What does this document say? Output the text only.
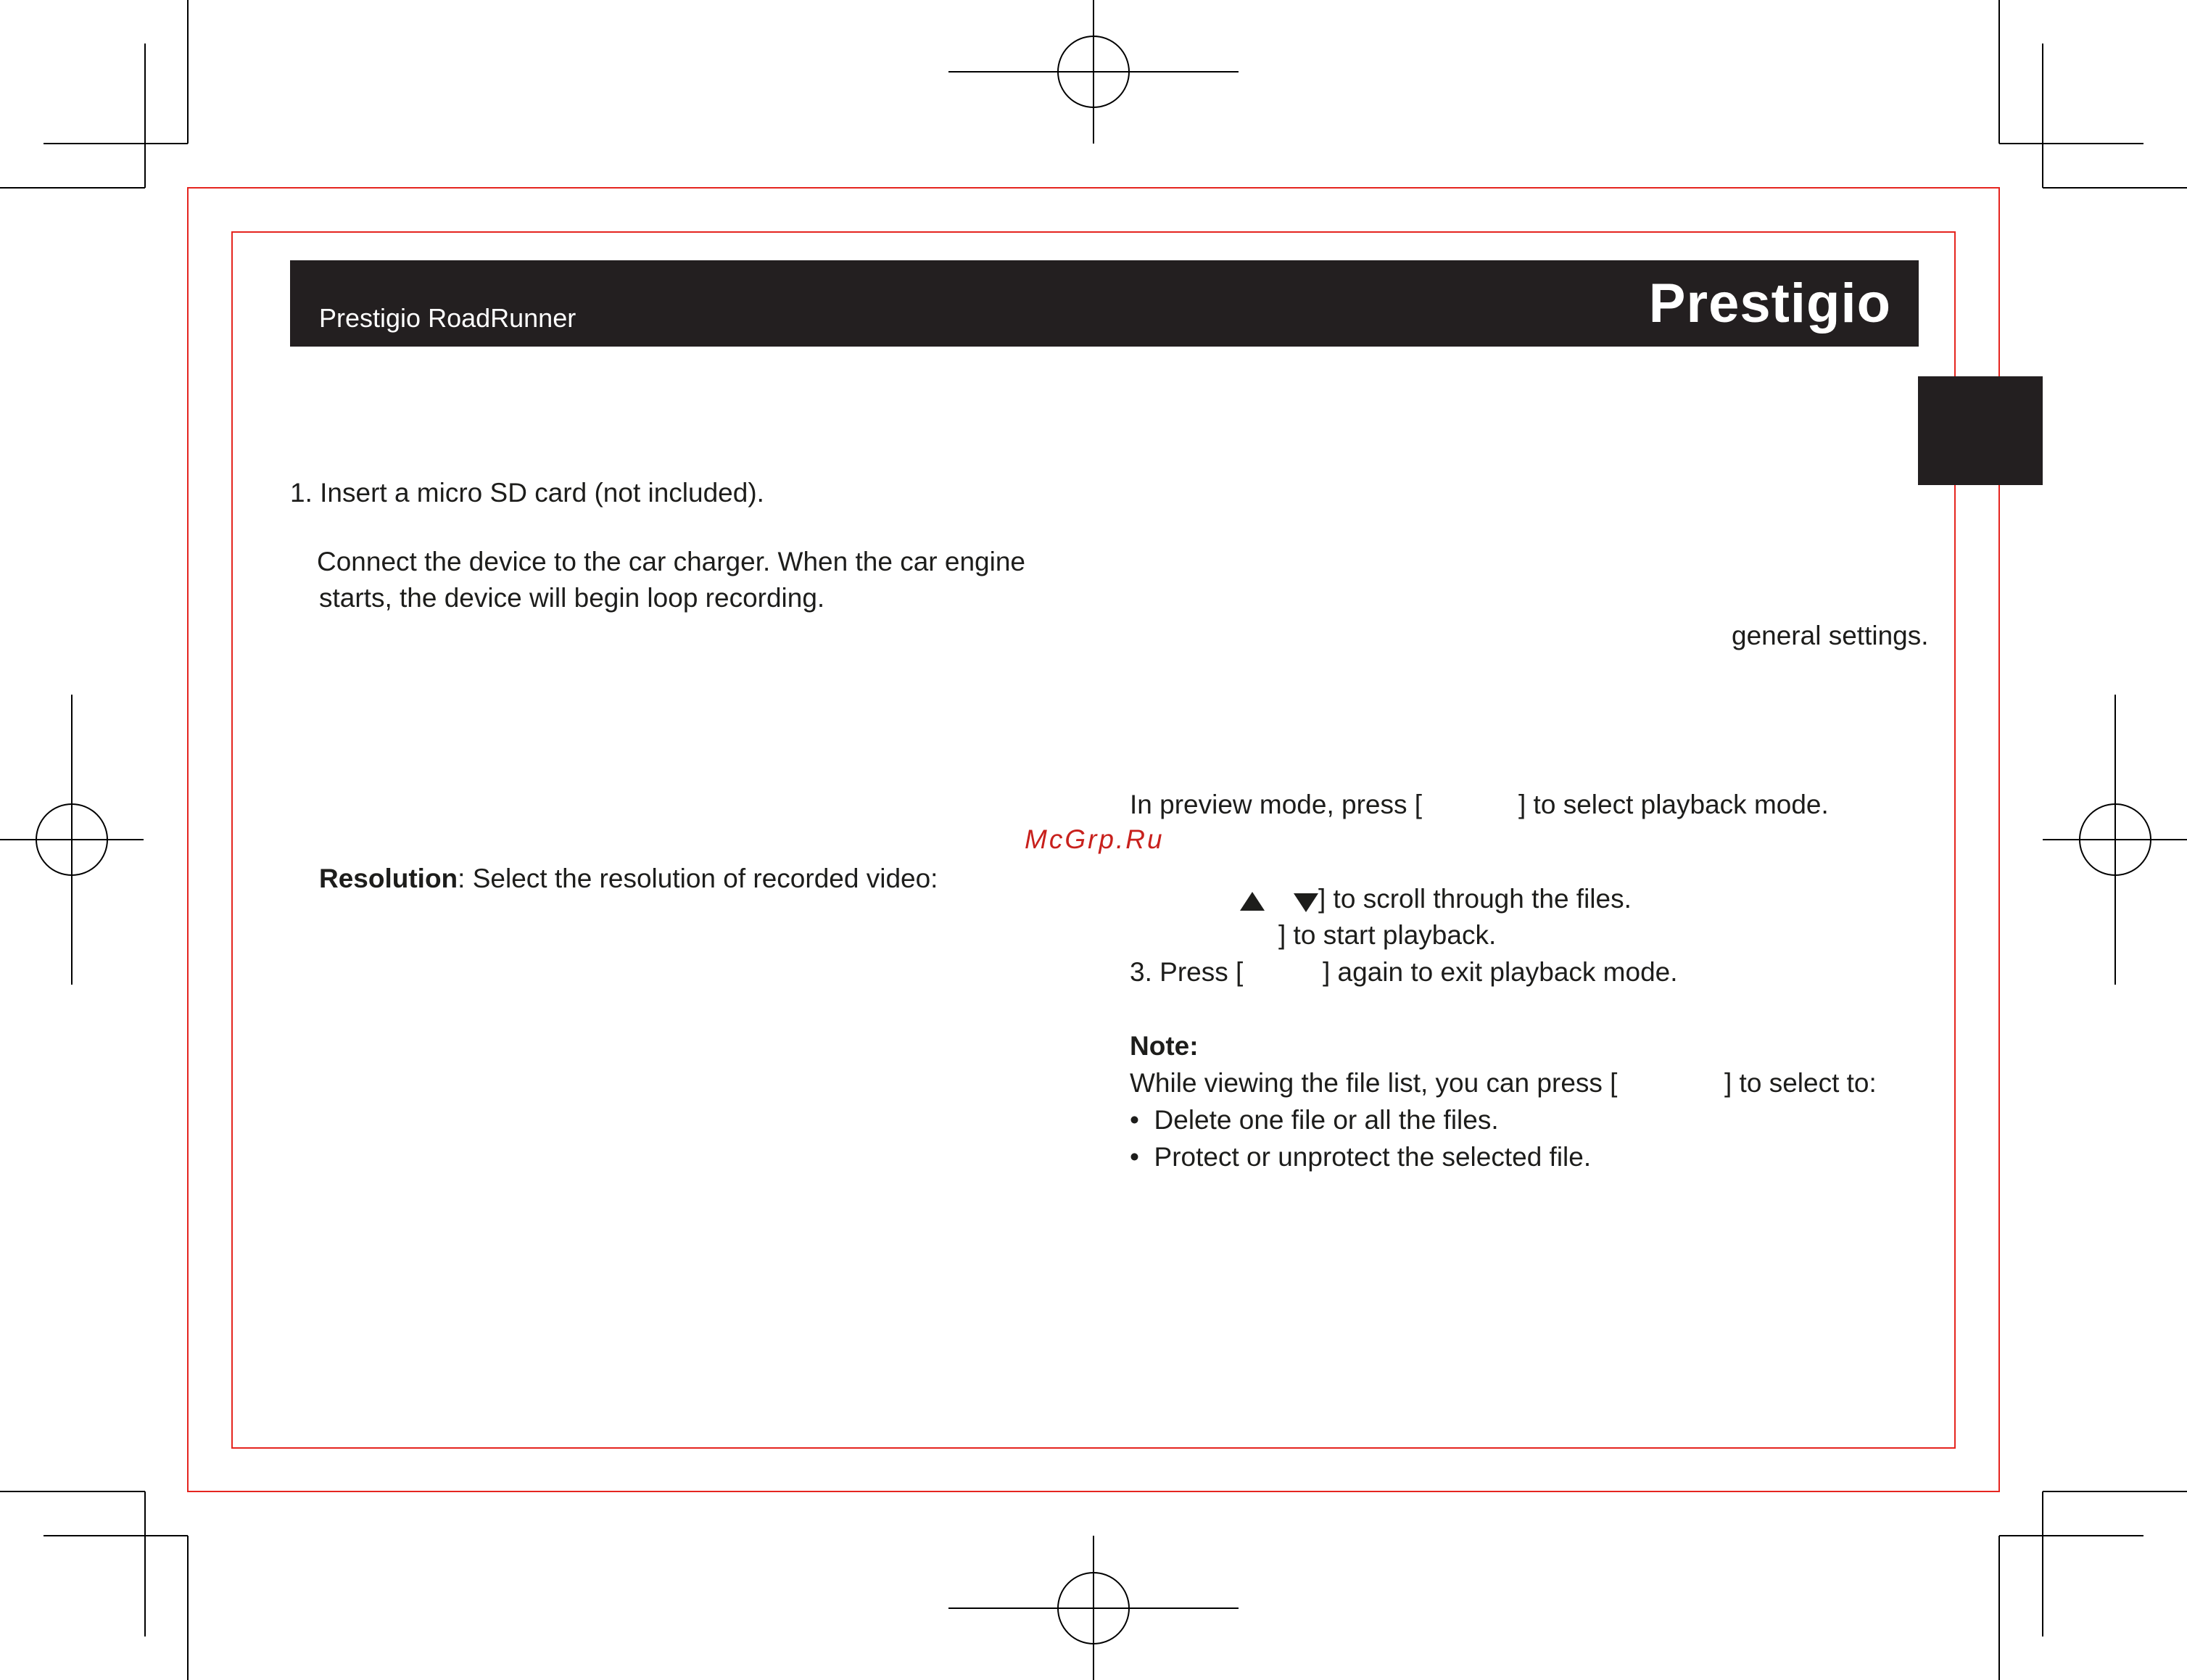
Prestigio RoadRunner	Prestigio
1. Insert a micro SD card (not included).
Connect the device to the car charger. When the car engine
starts, the device will begin loop recording.
Resolution: Select the resolution of recorded video:
general settings.
In preview mode, press [	] to select playback mode.
McGrp.Ru
] to scroll through the files.
] to start playback.
3. Press [	] again to exit playback mode.
Note:
While viewing the file list, you can press [	] to select to:
• Delete one file or all the files.
• Protect or unprotect the selected file.
